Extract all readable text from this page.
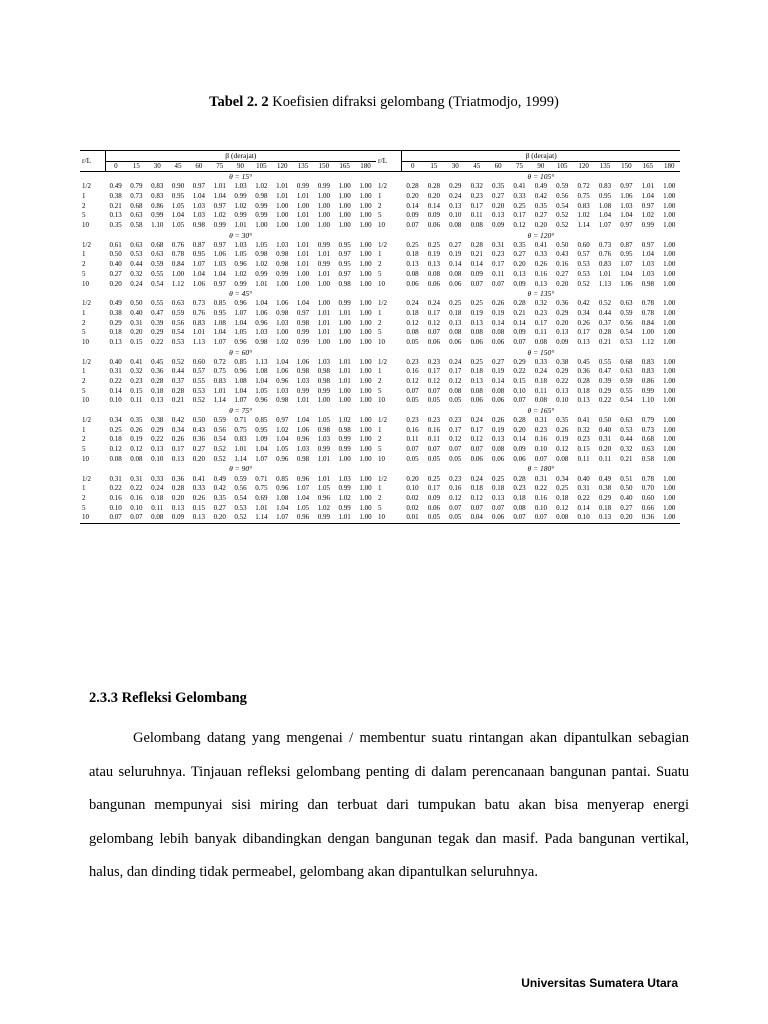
Tabel 2. 2 Koefisien difraksi gelombang (Triatmodjo, 1999)
r/L	β (derajat)												
	0	15	30	45	60	75	90	105	120	135	150	165	180
	θ = 15°												
1/2	0.49	0.79	0.83	0.90	0.97	1.01	1.03	1.02	1.01	0.99	0.99	1.00	1.00
1	0.38	0.73	0.83	0.95	1.04	1.04	0.99	0.98	1.01	1.01	1.00	1.00	1.00
2	0.21	0.68	0.86	1.05	1.03	0.97	1.02	0.99	1.00	1.00	1.00	1.00	1.00
5	0.13	0.63	0.99	1.04	1.03	1.02	0.99	0.99	1.00	1.01	1.00	1.00	1.00
10	0.35	0.58	1.10	1.05	0.98	0.99	1.01	1.00	1.00	1.00	1.00	1.00	1.00
	θ = 30°												
1/2	0.61	0.63	0.68	0.76	0.87	0.97	1.03	1.05	1.03	1.01	0.99	0.95	1.00
1	0.50	0.53	0.63	0.78	0.95	1.06	1.05	0.98	0.98	1.01	1.01	0.97	1.00
2	0.40	0.44	0.59	0.84	1.07	1.03	0.96	1.02	0.98	1.01	0.99	0.95	1.00
5	0.27	0.32	0.55	1.00	1.04	1.04	1.02	0.99	0.99	1.00	1.01	0.97	1.00
10	0.20	0.24	0.54	1.12	1.06	0.97	0.99	1.01	1.00	1.00	1.00	0.98	1.00
	θ = 45°												
1/2	0.49	0.50	0.55	0.63	0.73	0.85	0.96	1.04	1.06	1.04	1.00	0.99	1.00
1	0.38	0.40	0.47	0.59	0.76	0.95	1.07	1.06	0.98	0.97	1.01	1.01	1.00
2	0.29	0.31	0.39	0.56	0.83	1.08	1.04	0.96	1.03	0.98	1.01	1.00	1.00
5	0.18	0.20	0.29	0.54	1.01	1.04	1.05	1.03	1.00	0.99	1.01	1.00	1.00
10	0.13	0.15	0.22	0.53	1.13	1.07	0.96	0.98	1.02	0.99	1.00	1.00	1.00
	θ = 60°												
1/2	0.40	0.41	0.45	0.52	0.60	0.72	0.85	1.13	1.04	1.06	1.03	1.01	1.00
1	0.31	0.32	0.36	0.44	0.57	0.75	0.96	1.08	1.06	0.98	0.98	1.01	1.00
2	0.22	0.23	0.28	0.37	0.55	0.83	1.08	1.04	0.96	1.03	0.98	1.01	1.00
5	0.14	0.15	0.18	0.28	0.53	1.01	1.04	1.05	1.03	0.99	0.99	1.00	1.00
10	0.10	0.11	0.13	0.21	0.52	1.14	1.07	0.96	0.98	1.01	1.00	1.00	1.00
	θ = 75°												
1/2	0.34	0.35	0.38	0.42	0.50	0.59	0.71	0.85	0.97	1.04	1.05	1.02	1.00
1	0.25	0.26	0.29	0.34	0.43	0.56	0.75	0.95	1.02	1.06	0.98	0.98	1.00
2	0.18	0.19	0.22	0.26	0.36	0.54	0.83	1.09	1.04	0.96	1.03	0.99	1.00
5	0.12	0.12	0.13	0.17	0.27	0.52	1.01	1.04	1.05	1.03	0.99	0.99	1.00
10	0.08	0.08	0.10	0.13	0.20	0.52	1.14	1.07	0.96	0.98	1.01	1.00	1.00
	θ = 90°												
1/2	0.31	0.31	0.33	0.36	0.41	0.49	0.59	0.71	0.85	0.96	1.01	1.03	1.00
1	0.22	0.22	0.24	0.28	0.33	0.42	0.56	0.75	0.96	1.07	1.05	0.99	1.00
2	0.16	0.16	0.18	0.20	0.26	0.35	0.54	0.69	1.08	1.04	0.96	1.02	1.00
5	0.10	0.10	0.11	0.13	0.15	0.27	0.53	1.01	1.04	1.05	1.02	0.99	1.00
10	0.07	0.07	0.08	0.09	0.13	0.20	0.52	1.14	1.07	0.96	0.99	1.01	1.00
r/L	β (derajat)												
	0	15	30	45	60	75	90	105	120	135	150	165	180
	θ = 105°												
1/2	0.28	0.28	0.29	0.32	0.35	0.41	0.49	0.59	0.72	0.83	0.97	1.01	1.00
1	0.20	0.20	0.24	0.23	0.27	0.33	0.42	0.56	0.75	0.95	1.06	1.04	1.00
2	0.14	0.14	0.13	0.17	0.20	0.25	0.35	0.54	0.83	1.08	1.03	0.97	1.00
5	0.09	0.09	0.10	0.11	0.13	0.17	0.27	0.52	1.02	1.04	1.04	1.02	1.00
10	0.07	0.06	0.08	0.08	0.09	0.12	0.20	0.52	1.14	1.07	0.97	0.99	1.00
	θ = 120°												
1/2	0.25	0.25	0.27	0.28	0.31	0.35	0.41	0.50	0.60	0.73	0.87	0.97	1.00
1	0.18	0.19	0.19	0.21	0.23	0.27	0.33	0.43	0.57	0.76	0.95	1.04	1.00
2	0.13	0.13	0.14	0.14	0.17	0.20	0.26	0.16	0.53	0.83	1.07	1.03	1.00
5	0.08	0.08	0.08	0.09	0.11	0.13	0.16	0.27	0.53	1.01	1.04	1.03	1.00
10	0.06	0.06	0.06	0.07	0.07	0.09	0.13	0.20	0.52	1.13	1.06	0.98	1.00
	θ = 135°												
1/2	0.24	0.24	0.25	0.25	0.26	0.28	0.32	0.36	0.42	0.52	0.63	0.78	1.00
1	0.18	0.17	0.18	0.19	0.19	0.21	0.23	0.29	0.34	0.44	0.59	0.78	1.00
2	0.12	0.12	0.13	0.13	0.14	0.14	0.17	0.20	0.26	0.37	0.56	0.84	1.00
5	0.08	0.07	0.08	0.08	0.08	0.09	0.11	0.13	0.17	0.28	0.54	1.00	1.00
10	0.05	0.06	0.06	0.06	0.06	0.07	0.08	0.09	0.13	0.21	0.53	1.12	1.00
	θ = 150°												
1/2	0.23	0.23	0.24	0.25	0.27	0.29	0.33	0.38	0.45	0.55	0.68	0.83	1.00
1	0.16	0.17	0.17	0.18	0.19	0.22	0.24	0.29	0.36	0.47	0.63	0.83	1.00
2	0.12	0.12	0.12	0.13	0.14	0.15	0.18	0.22	0.28	0.39	0.59	0.86	1.00
5	0.07	0.07	0.08	0.08	0.08	0.10	0.11	0.13	0.18	0.29	0.55	0.99	1.00
10	0.05	0.05	0.05	0.06	0.06	0.07	0.08	0.10	0.13	0.22	0.54	1.10	1.00
	θ = 165°												
1/2	0.23	0.23	0.23	0.24	0.26	0.28	0.31	0.35	0.41	0.50	0.63	0.79	1.00
1	0.16	0.16	0.17	0.17	0.19	0.20	0.23	0.26	0.32	0.40	0.53	0.73	1.00
2	0.11	0.11	0.12	0.12	0.13	0.14	0.16	0.19	0.23	0.31	0.44	0.68	1.00
5	0.07	0.07	0.07	0.07	0.08	0.09	0.10	0.12	0.15	0.20	0.32	0.63	1.00
10	0.05	0.05	0.05	0.06	0.06	0.06	0.07	0.08	0.11	0.11	0.21	0.58	1.00
	θ = 180°												
1/2	0.20	0.25	0.23	0.24	0.25	0.28	0.31	0.34	0.40	0.49	0.51	0.78	1.00
1	0.10	0.17	0.16	0.18	0.18	0.23	0.22	0.25	0.31	0.38	0.50	0.70	1.00
2	0.02	0.09	0.12	0.12	0.13	0.18	0.16	0.18	0.22	0.29	0.40	0.60	1.00
5	0.02	0.06	0.07	0.07	0.07	0.08	0.10	0.12	0.14	0.18	0.27	0.66	1.00
10	0.01	0.05	0.05	0.04	0.06	0.07	0.07	0.08	0.10	0.13	0.20	0.36	1.00
2.3.3 Refleksi Gelombang

Gelombang datang yang mengenai / membentur suatu rintangan akan dipantulkan sebagian atau seluruhnya. Tinjauan refleksi gelombang penting di dalam perencanaan bangunan pantai. Suatu bangunan mempunyai sisi miring dan terbuat dari tumpukan batu akan bisa menyerap energi gelombang lebih banyak dibandingkan dengan bangunan tegak dan masif. Pada bangunan vertikal, halus, dan dinding tidak permeabel, gelombang akan dipantulkan seluruhnya.

Universitas Sumatera Utara
